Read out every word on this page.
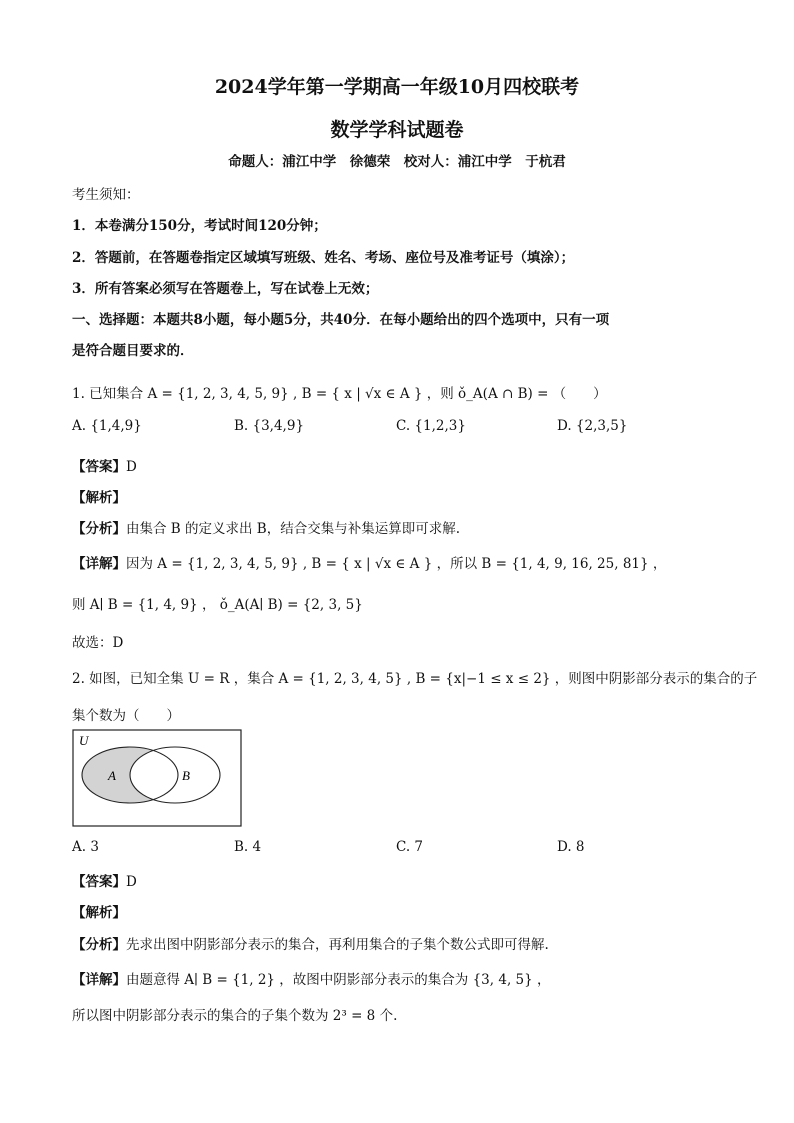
2024学年第一学期高一年级10月四校联考
数学学科试题卷
命题人：浦江中学　徐德荣　校对人：浦江中学　于杭君
考生须知：
1．本卷满分150分，考试时间120分钟；
2．答题前，在答题卷指定区域填写班级、姓名、考场、座位号及准考证号（填涂）；
3．所有答案必须写在答题卷上，写在试卷上无效；
一、选择题：本题共8小题，每小题5分，共40分．在每小题给出的四个选项中，只有一项
是符合题目要求的．
1. 已知集合 A = {1, 2, 3, 4, 5, 9} , B = { x | √x ∈ A } ，则 ǒ_A(A ∩ B) = （　　）
A. {1,4,9}	B. {3,4,9}	C. {1,2,3}	D. {2,3,5}
【答案】D
【解析】
【分析】由集合 B 的定义求出 B，结合交集与补集运算即可求解.
【详解】因为 A = {1, 2, 3, 4, 5, 9} , B = { x | √x ∈ A } ，所以 B = {1, 4, 9, 16, 25, 81} ，
则 A∣ B = {1, 4, 9} ， ǒ_A(A∣ B) = {2, 3, 5}
故选：D
2. 如图，已知全集 U = R ，集合 A = {1, 2, 3, 4, 5} , B = {x|−1 ≤ x ≤ 2} ，则图中阴影部分表示的集合的子
集个数为（　　）
U
A	B
A. 3	B. 4	C. 7	D. 8
【答案】D
【解析】
【分析】先求出图中阴影部分表示的集合，再利用集合的子集个数公式即可得解.
【详解】由题意得 A∣ B = {1, 2} ，故图中阴影部分表示的集合为 {3, 4, 5} ，
所以图中阴影部分表示的集合的子集个数为 2³ = 8 个.
